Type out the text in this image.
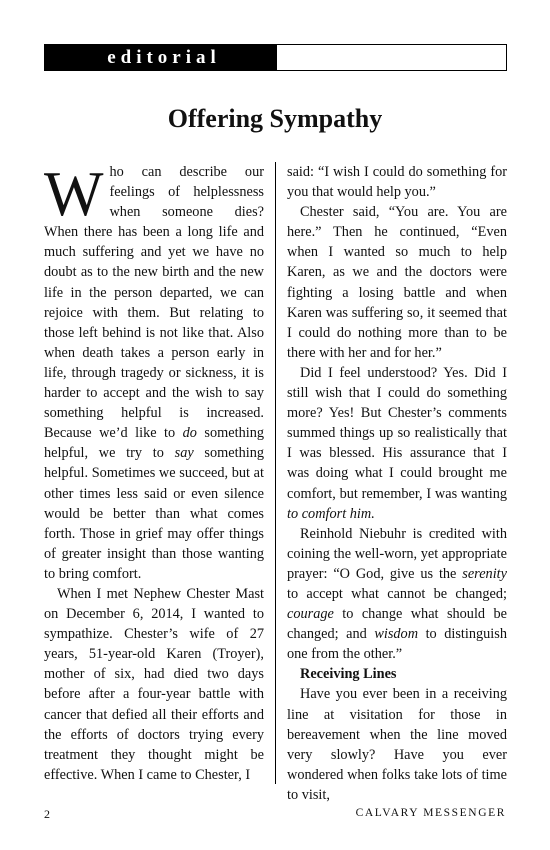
editorial
Offering Sympathy

Who can describe our feelings of helplessness when someone dies? When there has been a long life and much suffering and yet we have no doubt as to the new birth and the new life in the person departed, we can rejoice with them. But relating to those left behind is not like that. Also when death takes a person early in life, through tragedy or sickness, it is harder to accept and the wish to say something helpful is increased. Because we’d like to do something helpful, we try to say something helpful. Sometimes we succeed, but at other times less said or even silence would be better than what comes forth. Those in grief may offer things of greater insight than those wanting to bring comfort.

When I met Nephew Chester Mast on December 6, 2014, I wanted to sympathize. Chester’s wife of 27 years, 51-year-old Karen (Troyer), mother of six, had died two days before after a four-year battle with cancer that defied all their efforts and the efforts of doctors trying every treatment they thought might be effective. When I came to Chester, I

said: “I wish I could do something for you that would help you.”

Chester said, “You are. You are here.” Then he continued, “Even when I wanted so much to help Karen, as we and the doctors were fighting a losing battle and when Karen was suffering so, it seemed that I could do nothing more than to be there with her and for her.”

Did I feel understood? Yes. Did I still wish that I could do something more? Yes! But Chester’s comments summed things up so realistically that I was blessed. His assurance that I was doing what I could brought me comfort, but remember, I was wanting to comfort him.

Reinhold Niebuhr is credited with coining the well-worn, yet appropriate prayer: “O God, give us the serenity to accept what cannot be changed; courage to change what should be changed; and wisdom to distinguish one from the other.”

Receiving Lines

Have you ever been in a receiving line at visitation for those in bereavement when the line moved very slowly? Have you ever wondered when folks take lots of time to visit,

2	CALVARY MESSENGER
